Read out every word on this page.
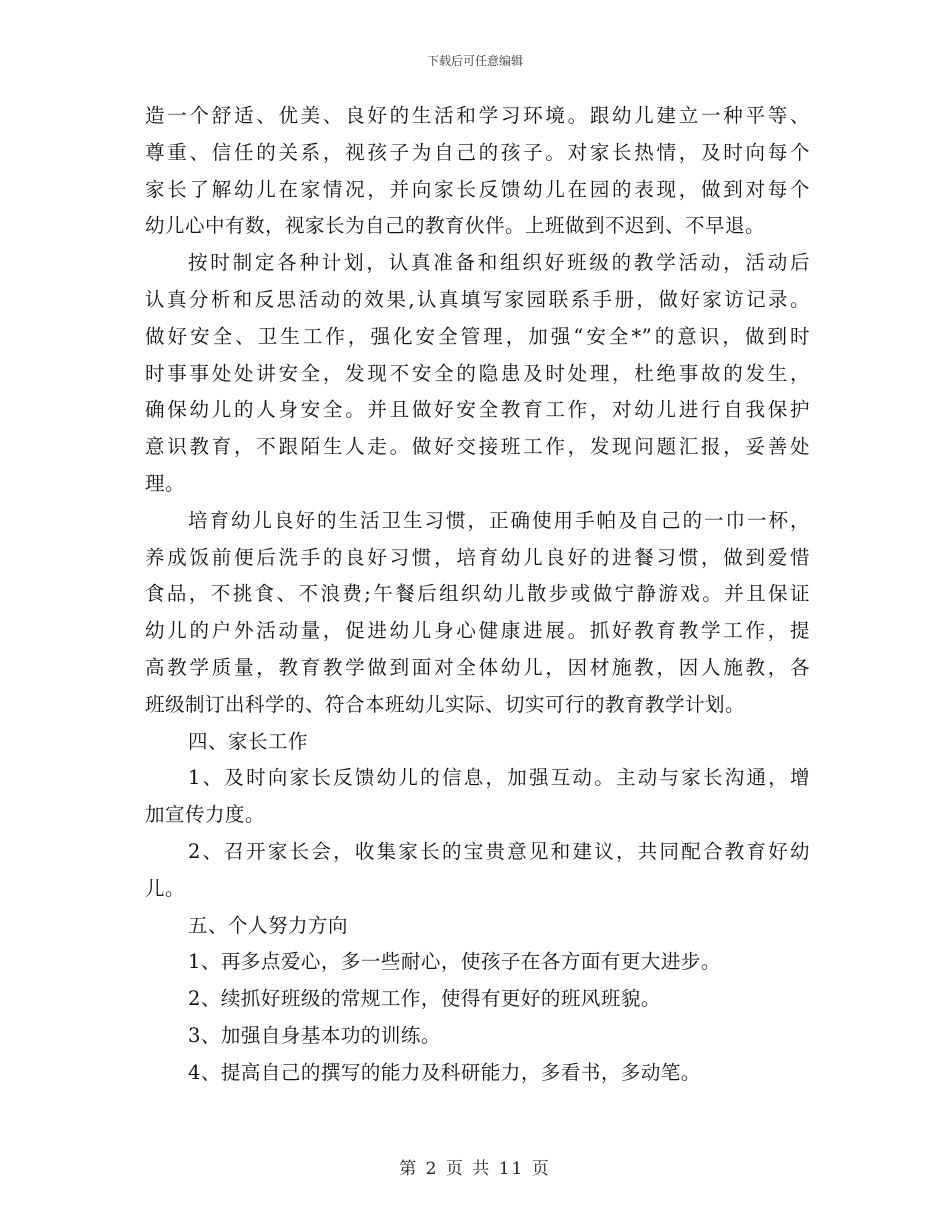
下载后可任意编辑
造一个舒适、优美、良好的生活和学习环境。跟幼儿建立一种平等、
尊重、信任的关系，视孩子为自己的孩子。对家长热情，及时向每个
家长了解幼儿在家情况，并向家长反馈幼儿在园的表现，做到对每个
幼儿心中有数，视家长为自己的教育伙伴。上班做到不迟到、不早退。
按时制定各种计划，认真准备和组织好班级的教学活动，活动后
认真分析和反思活动的效果,认真填写家园联系手册，做好家访记录。
做好安全、卫生工作，强化安全管理，加强“安全*”的意识，做到时
时事事处处讲安全，发现不安全的隐患及时处理，杜绝事故的发生，
确保幼儿的人身安全。并且做好安全教育工作，对幼儿进行自我保护
意识教育，不跟陌生人走。做好交接班工作，发现问题汇报，妥善处
理。
培育幼儿良好的生活卫生习惯，正确使用手帕及自己的一巾一杯，
养成饭前便后洗手的良好习惯，培育幼儿良好的进餐习惯，做到爱惜
食品，不挑食、不浪费;午餐后组织幼儿散步或做宁静游戏。并且保证
幼儿的户外活动量，促进幼儿身心健康进展。抓好教育教学工作，提
高教学质量，教育教学做到面对全体幼儿，因材施教，因人施教，各
班级制订出科学的、符合本班幼儿实际、切实可行的教育教学计划。
四、家长工作
1、及时向家长反馈幼儿的信息，加强互动。主动与家长沟通，增
加宣传力度。
2、召开家长会，收集家长的宝贵意见和建议，共同配合教育好幼
儿。
五、个人努力方向
1、再多点爱心，多一些耐心，使孩子在各方面有更大进步。
2、续抓好班级的常规工作，使得有更好的班风班貌。
3、加强自身基本功的训练。
4、提高自己的撰写的能力及科研能力，多看书，多动笔。
第 2 页 共 11 页
